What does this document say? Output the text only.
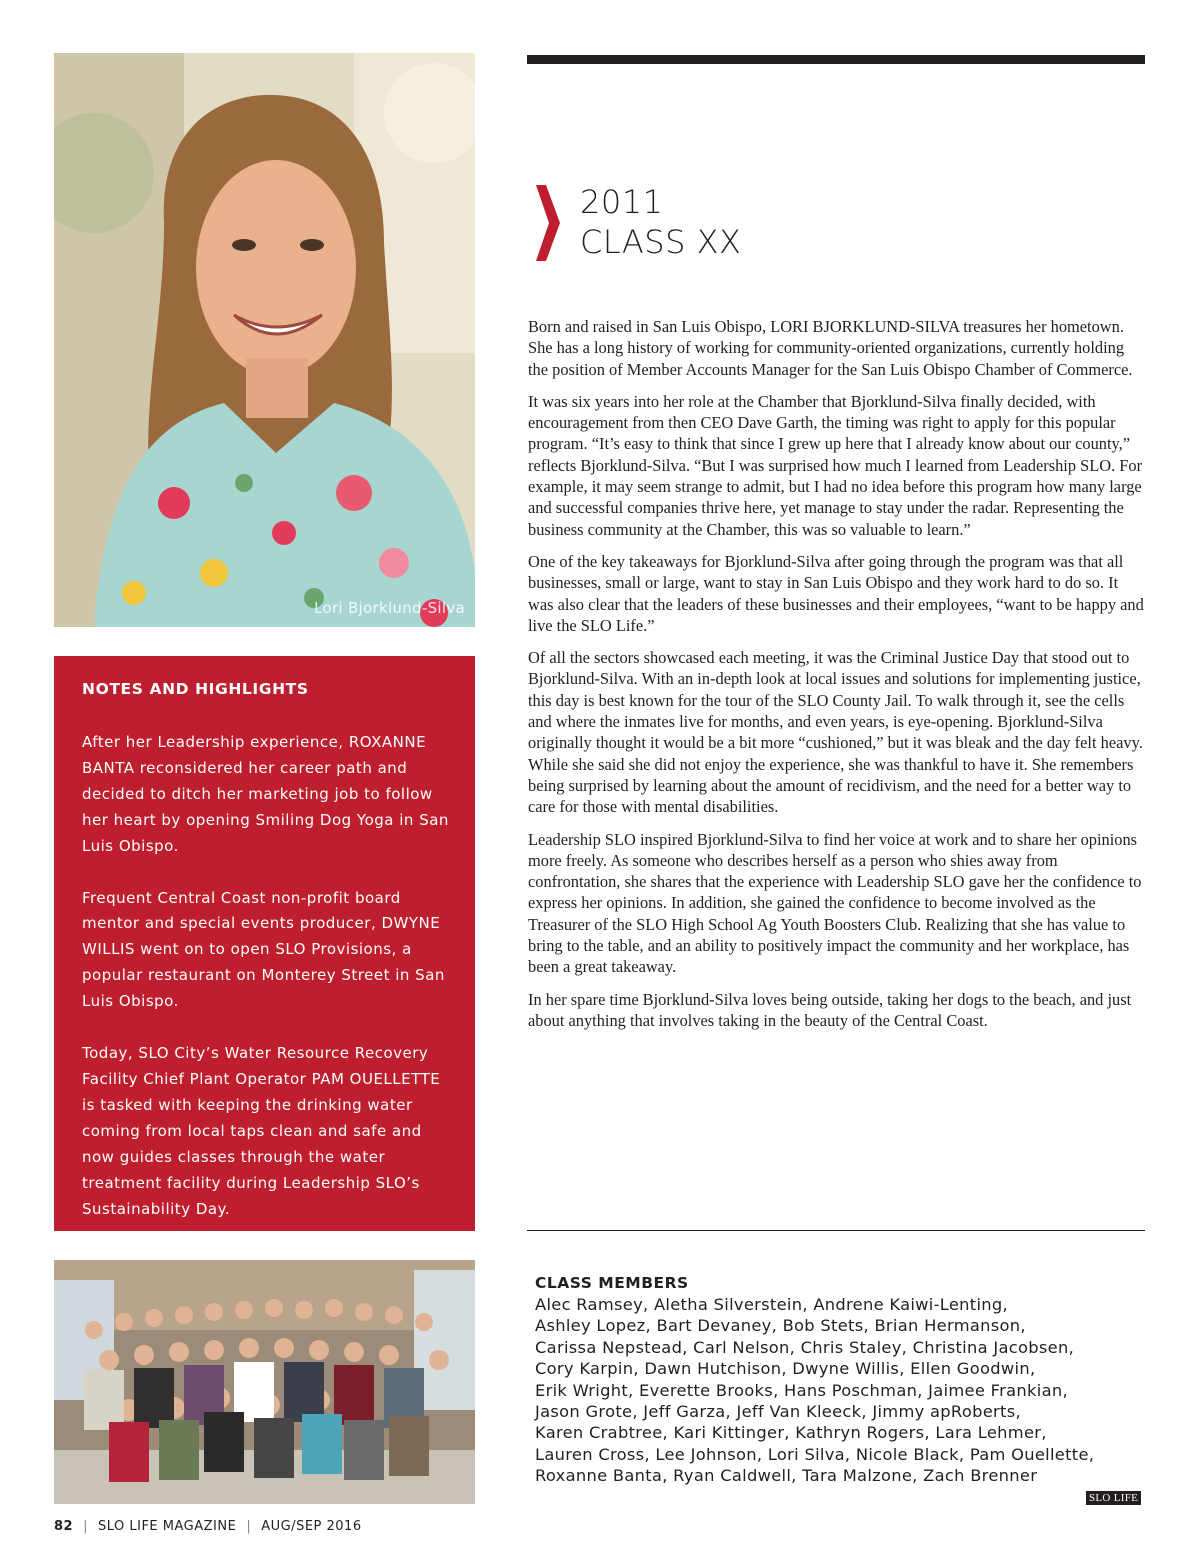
Lori Bjorklund-Silva
NOTES AND HIGHLIGHTS

After her Leadership experience, ROXANNE BANTA reconsidered her career path and decided to ditch her marketing job to follow her heart by opening Smiling Dog Yoga in San Luis Obispo.

Frequent Central Coast non-profit board mentor and special events producer, DWYNE WILLIS went on to open SLO Provisions, a popular restaurant on Monterey Street in San Luis Obispo.

Today, SLO City’s Water Resource Recovery Facility Chief Plant Operator PAM OUELLETTE is tasked with keeping the drinking water coming from local taps clean and safe and now guides classes through the water treatment facility during Leadership SLO’s Sustainability Day.

2011
CLASS XX

Born and raised in San Luis Obispo, LORI BJORKLUND-SILVA treasures her hometown. She has a long history of working for community-oriented organizations, currently holding the position of Member Accounts Manager for the San Luis Obispo Chamber of Commerce.

It was six years into her role at the Chamber that Bjorklund-Silva finally decided, with encouragement from then CEO Dave Garth, the timing was right to apply for this popular program. “It’s easy to think that since I grew up here that I already know about our county,” reflects Bjorklund-Silva. “But I was surprised how much I learned from Leadership SLO. For example, it may seem strange to admit, but I had no idea before this program how many large and successful companies thrive here, yet manage to stay under the radar. Representing the business community at the Chamber, this was so valuable to learn.”

One of the key takeaways for Bjorklund-Silva after going through the program was that all businesses, small or large, want to stay in San Luis Obispo and they work hard to do so. It was also clear that the leaders of these businesses and their employees, “want to be happy and live the SLO Life.”

Of all the sectors showcased each meeting, it was the Criminal Justice Day that stood out to Bjorklund-Silva. With an in-depth look at local issues and solutions for implementing justice, this day is best known for the tour of the SLO County Jail. To walk through it, see the cells and where the inmates live for months, and even years, is eye-opening. Bjorklund-Silva originally thought it would be a bit more “cushioned,” but it was bleak and the day felt heavy. While she said she did not enjoy the experience, she was thankful to have it. She remembers being surprised by learning about the amount of recidivism, and the need for a better way to care for those with mental disabilities.

Leadership SLO inspired Bjorklund-Silva to find her voice at work and to share her opinions more freely. As someone who describes herself as a person who shies away from confrontation, she shares that the experience with Leadership SLO gave her the confidence to express her opinions. In addition, she gained the confidence to become involved as the Treasurer of the SLO High School Ag Youth Boosters Club. Realizing that she has value to bring to the table, and an ability to positively impact the community and her workplace, has been a great takeaway.

In her spare time Bjorklund-Silva loves being outside, taking her dogs to the beach, and just about anything that involves taking in the beauty of the Central Coast.

CLASS MEMBERS
Alec Ramsey, Aletha Silverstein, Andrene Kaiwi-Lenting,
Ashley Lopez, Bart Devaney, Bob Stets, Brian Hermanson,
Carissa Nepstead, Carl Nelson, Chris Staley, Christina Jacobsen,
Cory Karpin, Dawn Hutchison, Dwyne Willis, Ellen Goodwin,
Erik Wright, Everette Brooks, Hans Poschman, Jaimee Frankian,
Jason Grote, Jeff Garza, Jeff Van Kleeck, Jimmy apRoberts,
Karen Crabtree, Kari Kittinger, Kathryn Rogers, Lara Lehmer,
Lauren Cross, Lee Johnson, Lori Silva, Nicole Black, Pam Ouellette,
Roxanne Banta, Ryan Caldwell, Tara Malzone, Zach Brenner
SLO LIFE
82 | SLO LIFE MAGAZINE | AUG/SEP 2016
